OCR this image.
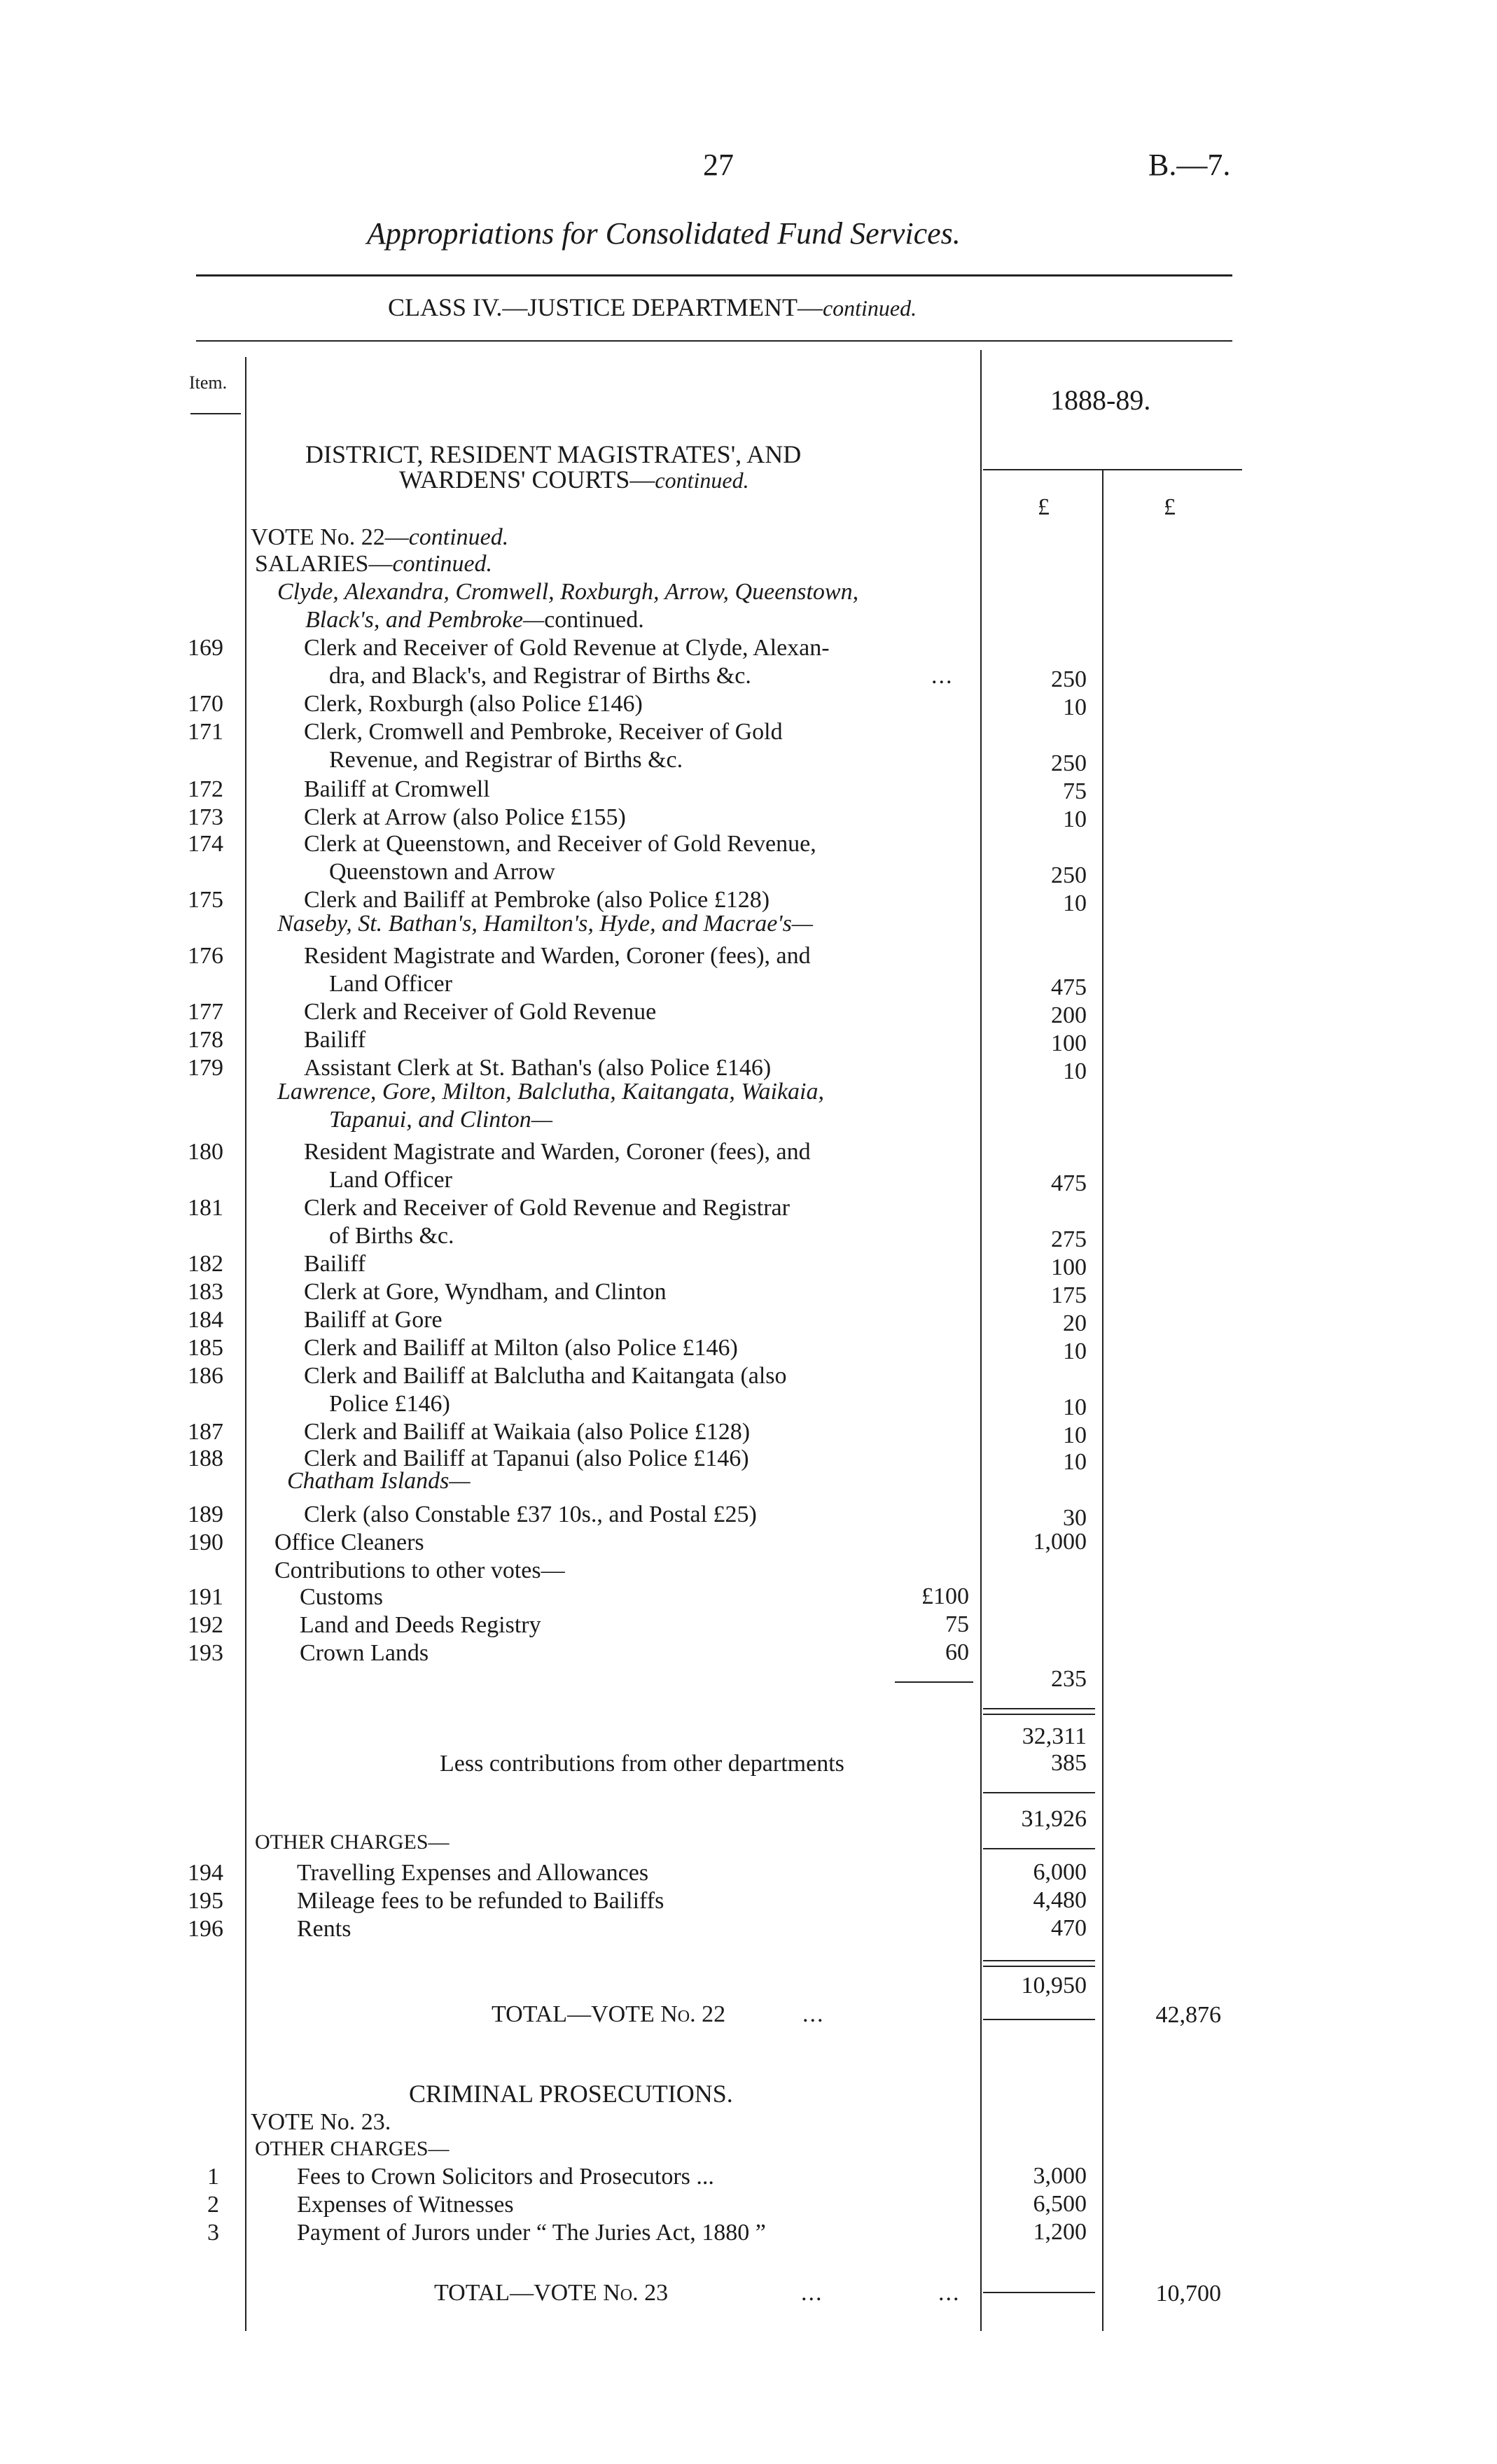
27	B.—7.
Appropriations for Consolidated Fund Services.
CLASS IV.—JUSTICE DEPARTMENT—continued.
Item.
1888-89.
£	£
DISTRICT, RESIDENT MAGISTRATES', AND
WARDENS' COURTS—continued.
VOTE No. 22—continued.
SALARIES—continued.
Clyde, Alexandra, Cromwell, Roxburgh, Arrow, Queenstown,
Black's, and Pembroke—continued.
Naseby, St. Bathan's, Hamilton's, Hyde, and Macrae's—
Lawrence, Gore, Milton, Balclutha, Kaitangata, Waikaia,
Tapanui, and Clinton—
Chatham Islands—
169	Clerk and Receiver of Gold Revenue at Clyde, Alexan-
dra, and Black's, and Registrar of Births &c.	...	250
170	Clerk, Roxburgh (also Police £146)	10
171	Clerk, Cromwell and Pembroke, Receiver of Gold
Revenue, and Registrar of Births &c.	250
172	Bailiff at Cromwell	75
173	Clerk at Arrow (also Police £155)	10
174	Clerk at Queenstown, and Receiver of Gold Revenue,
Queenstown and Arrow	250
175	Clerk and Bailiff at Pembroke (also Police £128)	10
176	Resident Magistrate and Warden, Coroner (fees), and
Land Officer	475
177	Clerk and Receiver of Gold Revenue	200
178	Bailiff	100
179	Assistant Clerk at St. Bathan's (also Police £146)	10
180	Resident Magistrate and Warden, Coroner (fees), and
Land Officer	475
181	Clerk and Receiver of Gold Revenue and Registrar
of Births &c.	275
182	Bailiff	100
183	Clerk at Gore, Wyndham, and Clinton	175
184	Bailiff at Gore	20
185	Clerk and Bailiff at Milton (also Police £146)	10
186	Clerk and Bailiff at Balclutha and Kaitangata (also
Police £146)	10
187	Clerk and Bailiff at Waikaia (also Police £128)	10
188	Clerk and Bailiff at Tapanui (also Police £146)	10
189	Clerk (also Constable £37 10s., and Postal £25)	30
190 Office Cleaners	1,000
Contributions to other votes—
191	Customs	£100
192	Land and Deeds Registry	75
193	Crown Lands	60
235
32,311
Less contributions from other departments	385
31,926
OTHER CHARGES—
194	Travelling Expenses and Allowances	6,000
195	Mileage fees to be refunded to Bailiffs	4,480
196	Rents	470
10,950
TOTAL—VOTE No. 22	...	42,876
CRIMINAL PROSECUTIONS.
VOTE No. 23.
OTHER CHARGES—
1	Fees to Crown Solicitors and Prosecutors ...	3,000
2	Expenses of Witnesses	6,500
3	Payment of Jurors under “ The Juries Act, 1880 ”	1,200
TOTAL—VOTE No. 23	...	...	10,700
